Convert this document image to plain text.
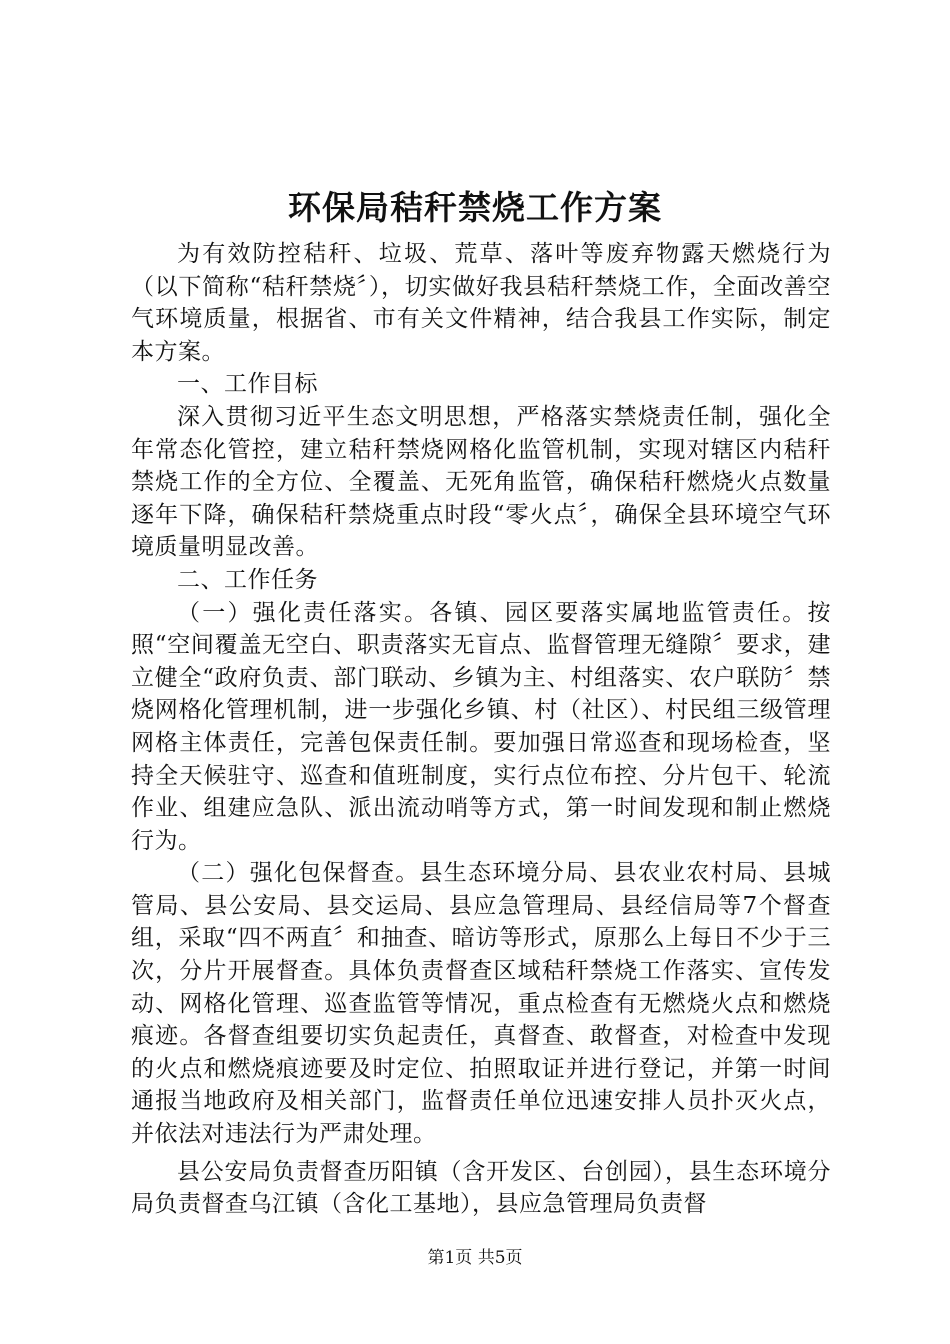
环保局秸秆禁烧工作方案

为有效防控秸秆、垃圾、荒草、落叶等废弃物露天燃烧行为（以下简称“秸秆禁烧〞），切实做好我县秸秆禁烧工作，全面改善空气环境质量，根据省、市有关文件精神，结合我县工作实际，制定本方案。

一、工作目标

深入贯彻习近平生态文明思想，严格落实禁烧责任制，强化全年常态化管控，建立秸秆禁烧网格化监管机制，实现对辖区内秸秆禁烧工作的全方位、全覆盖、无死角监管，确保秸秆燃烧火点数量逐年下降，确保秸秆禁烧重点时段“零火点〞，确保全县环境空气环境质量明显改善。

二、工作任务

（一）强化责任落实。各镇、园区要落实属地监管责任。按照“空间覆盖无空白、职责落实无盲点、监督管理无缝隙〞要求，建立健全“政府负责、部门联动、乡镇为主、村组落实、农户联防〞禁烧网格化管理机制，进一步强化乡镇、村（社区）、村民组三级管理网格主体责任，完善包保责任制。要加强日常巡查和现场检查，坚持全天候驻守、巡查和值班制度，实行点位布控、分片包干、轮流作业、组建应急队、派出流动哨等方式，第一时间发现和制止燃烧行为。

（二）强化包保督查。县生态环境分局、县农业农村局、县城管局、县公安局、县交运局、县应急管理局、县经信局等7个督查组，采取“四不两直〞和抽查、暗访等形式，原那么上每日不少于三次，分片开展督查。具体负责督查区域秸秆禁烧工作落实、宣传发动、网格化管理、巡查监管等情况，重点检查有无燃烧火点和燃烧痕迹。各督查组要切实负起责任，真督查、敢督查，对检查中发现的火点和燃烧痕迹要及时定位、拍照取证并进行登记，并第一时间通报当地政府及相关部门，监督责任单位迅速安排人员扑灭火点，并依法对违法行为严肃处理。

县公安局负责督查历阳镇（含开发区、台创园），县生态环境分局负责督查乌江镇（含化工基地），县应急管理局负责督

第1页 共5页
